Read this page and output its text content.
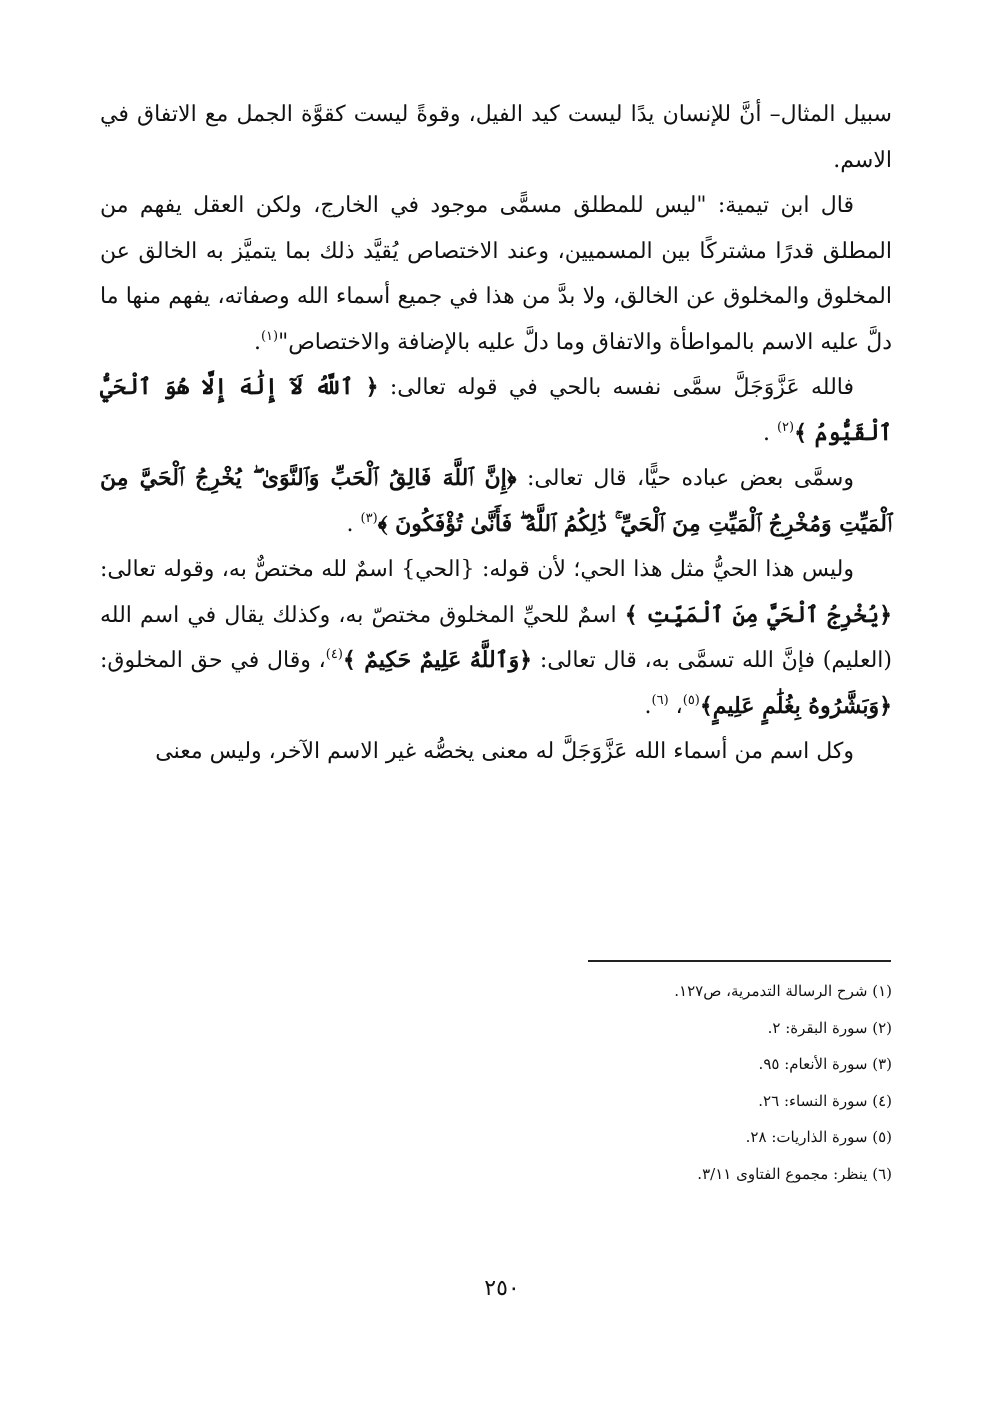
سبيل المثال– أنَّ للإنسان يدًا ليست كيد الفيل، وقوةً ليست كقوَّة الجمل مع الاتفاق في الاسم.

قال ابن تيمية: "ليس للمطلق مسمًّى موجود في الخارج، ولكن العقل يفهم من المطلق قدرًا مشتركًا بين المسميين، وعند الاختصاص يُقيَّد ذلك بما يتميَّز به الخالق عن المخلوق والمخلوق عن الخالق، ولا بدَّ من هذا في جميع أسماء الله وصفاته، يفهم منها ما دلَّ عليه الاسم بالمواطأة والاتفاق وما دلَّ عليه بالإضافة والاختصاص"$^{(١)}$.

فالله عَزَّوَجَلَّ سمَّى نفسه بالحي في قوله تعالى: ﴿ ٱللَّهُ لَآ إِلَٰهَ إِلَّا هُوَ ٱلْحَيُّ ٱلْقَيُّومُ ﴾$^{(٢)}$ .

وسمَّى بعض عباده حيًّا، قال تعالى: ﴿إِنَّ ٱللَّهَ فَالِقُ ٱلْحَبِّ وَٱلنَّوَىٰ ۖ يُخْرِجُ ٱلْحَيَّ مِنَ ٱلْمَيِّتِ وَمُخْرِجُ ٱلْمَيِّتِ مِنَ ٱلْحَيِّ ۚ ذَٰلِكُمُ ٱللَّهُ ۖ فَأَنَّىٰ تُؤْفَكُونَ ﴾$^{(٣)}$ .

وليس هذا الحيُّ مثل هذا الحي؛ لأن قوله: {الحي} اسمٌ لله مختصٌّ به، وقوله تعالى: ﴿يُخْرِجُ ٱلْحَيَّ مِنَ ٱلْمَيِّتِ ﴾ اسمٌ للحيِّ المخلوق مختصّ به، وكذلك يقال في اسم الله (العليم) فإنَّ الله تسمَّى به، قال تعالى: ﴿وَٱللَّهُ عَلِيمٌ حَكِيمٌ ﴾$^{(٤)}$، وقال في حق المخلوق: ﴿وَبَشَّرُوهُ بِغُلَٰمٍ عَلِيمٍ﴾$^{(٥)}$، $^{(٦)}$.

وكل اسم من أسماء الله عَزَّوَجَلَّ له معنى يخصُّه غير الاسم الآخر، وليس معنى

(١) شرح الرسالة التدمرية، ص١٢٧.
(٢) سورة البقرة: ٢.
(٣) سورة الأنعام: ٩٥.
(٤) سورة النساء: ٢٦.
(٥) سورة الذاريات: ٢٨.
(٦) ينظر: مجموع الفتاوى ٣/١١.
٢٥٠
